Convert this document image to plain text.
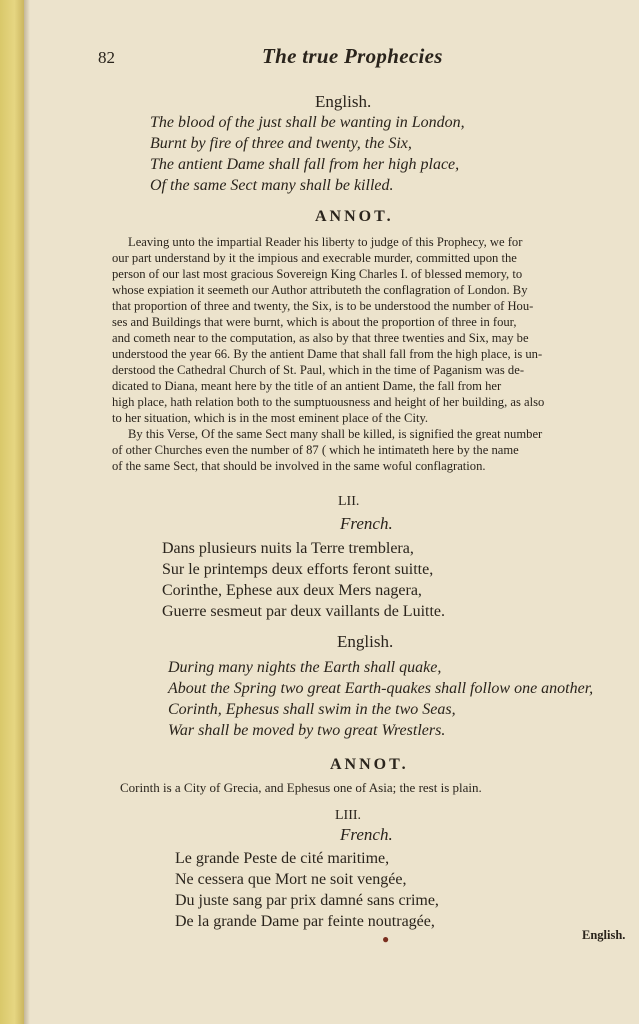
82	The true Prophecies
English.
The blood of the just shall be wanting in London,
Burnt by fire of three and twenty, the Six,
The antient Dame shall fall from her high place,
Of the same Sect many shall be killed.
ANNOT.

Leaving unto the impartial Reader his liberty to judge of this Prophecy, we for

our part understand by it the impious and execrable murder, committed upon the

person of our last most gracious Sovereign King Charles I. of blessed memory, to

whose expiation it seemeth our Author attributeth the conflagration of London. By

that proportion of three and twenty, the Six, is to be understood the number of Hou-

ses and Buildings that were burnt, which is about the proportion of three in four,

and cometh near to the computation, as also by that three twenties and Six, may be

understood the year 66. By the antient Dame that shall fall from the high place, is un-

derstood the Cathedral Church of St. Paul, which in the time of Paganism was de-

dicated to Diana, meant here by the title of an antient Dame, the fall from her

high place, hath relation both to the sumptuousness and height of her building, as also

to her situation, which is in the most eminent place of the City.

By this Verse, Of the same Sect many shall be killed, is signified the great number

of other Churches even the number of 87 ( which he intimateth here by the name

of the same Sect, that should be involved in the same woful conflagration.

LII.
French.
Dans plusieurs nuits la Terre tremblera,
Sur le printemps deux efforts feront suitte,
Corinthe, Ephese aux deux Mers nagera,
Guerre sesmeut par deux vaillants de Luitte.
English.
During many nights the Earth shall quake,
About the Spring two great Earth-quakes shall follow one another,
Corinth, Ephesus shall swim in the two Seas,
War shall be moved by two great Wrestlers.
ANNOT.
Corinth is a City of Grecia, and Ephesus one of Asia; the rest is plain.
LIII.
French.
Le grande Peste de cité maritime,
Ne cessera que Mort ne soit vengée,
Du juste sang par prix damné sans crime,
De la grande Dame par feinte noutragée,
●	English.
